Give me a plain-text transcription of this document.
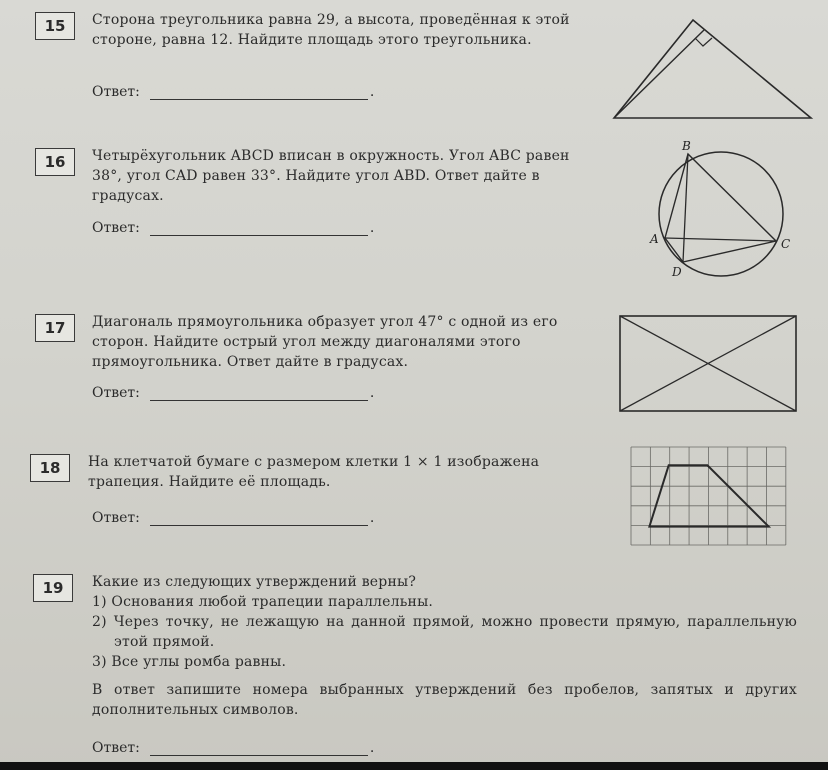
15	Сторона треугольника равна 29, а высота, проведённая к этой стороне, равна 12. Найдите площадь этого треугольника.
Ответ:	.
16	Четырёхугольник ABCD вписан в окружность. Угол ABC равен 38°, угол CAD равен 33°. Найдите угол ABD. Ответ дайте в градусах.
Ответ:	.
A
B
C
D
17	Диагональ прямоугольника образует угол 47° с одной из его сторон. Найдите острый угол между диагоналями этого прямоугольника. Ответ дайте в градусах.
Ответ:	.
18	На клетчатой бумаге с размером клетки 1 × 1 изображена трапеция. Найдите её площадь.
Ответ:	.
19	Какие из следующих утверждений верны?

1) Основания любой трапеции параллельны.

2) Через точку, не лежащую на данной прямой, можно провести прямую, параллельную этой прямой.

3) Все углы ромба равны.

В ответ запишите номера выбранных утверждений без пробелов, запятых и других дополнительных символов.
Ответ:	.
